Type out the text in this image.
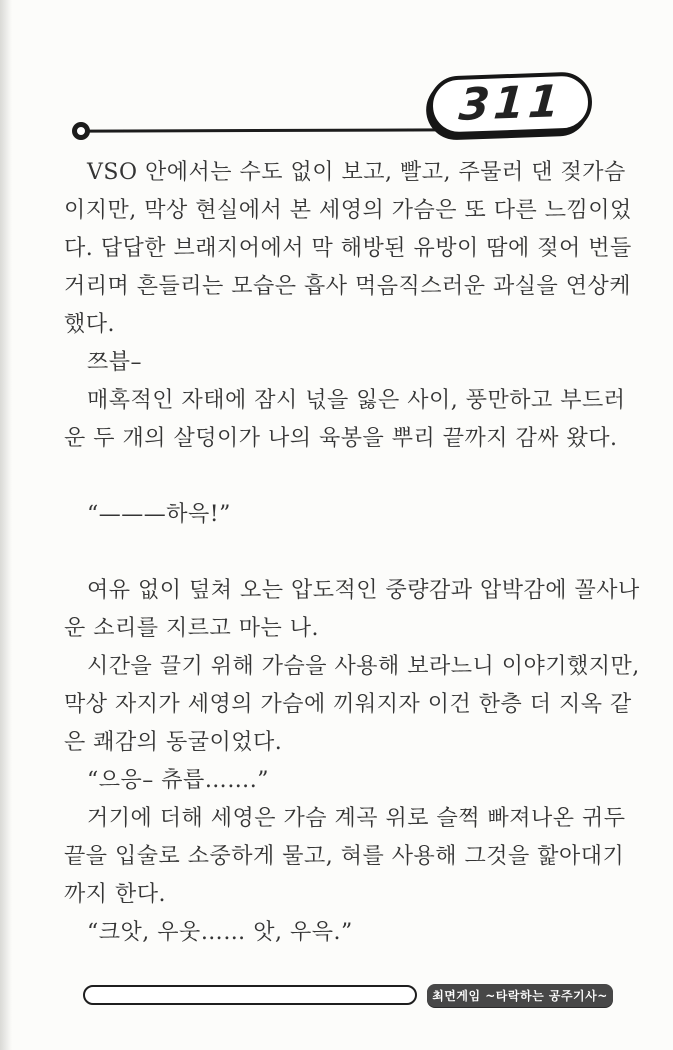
311
VSO 안에서는 수도 없이 보고, 빨고, 주물러 댄 젖가슴
이지만, 막상 현실에서 본 세영의 가슴은 또 다른 느낌이었
다. 답답한 브래지어에서 막 해방된 유방이 땀에 젖어 번들
거리며 흔들리는 모습은 흡사 먹음직스러운 과실을 연상케
했다.
쯔븝–
매혹적인 자태에 잠시 넋을 잃은 사이, 풍만하고 부드러
운 두 개의 살덩이가 나의 육봉을 뿌리 끝까지 감싸 왔다.
“———하윽!”
여유 없이 덮쳐 오는 압도적인 중량감과 압박감에 꼴사나
운 소리를 지르고 마는 나.
시간을 끌기 위해 가슴을 사용해 보라느니 이야기했지만,
막상 자지가 세영의 가슴에 끼워지자 이건 한층 더 지옥 같
은 쾌감의 동굴이었다.
“으응– 츄릅…….”
거기에 더해 세영은 가슴 계곡 위로 슬쩍 빠져나온 귀두
끝을 입술로 소중하게 물고, 혀를 사용해 그것을 핥아대기
까지 한다.
“크앗, 우웃…… 앗, 우윽.”
최면게임 ~타락하는 공주기사~
